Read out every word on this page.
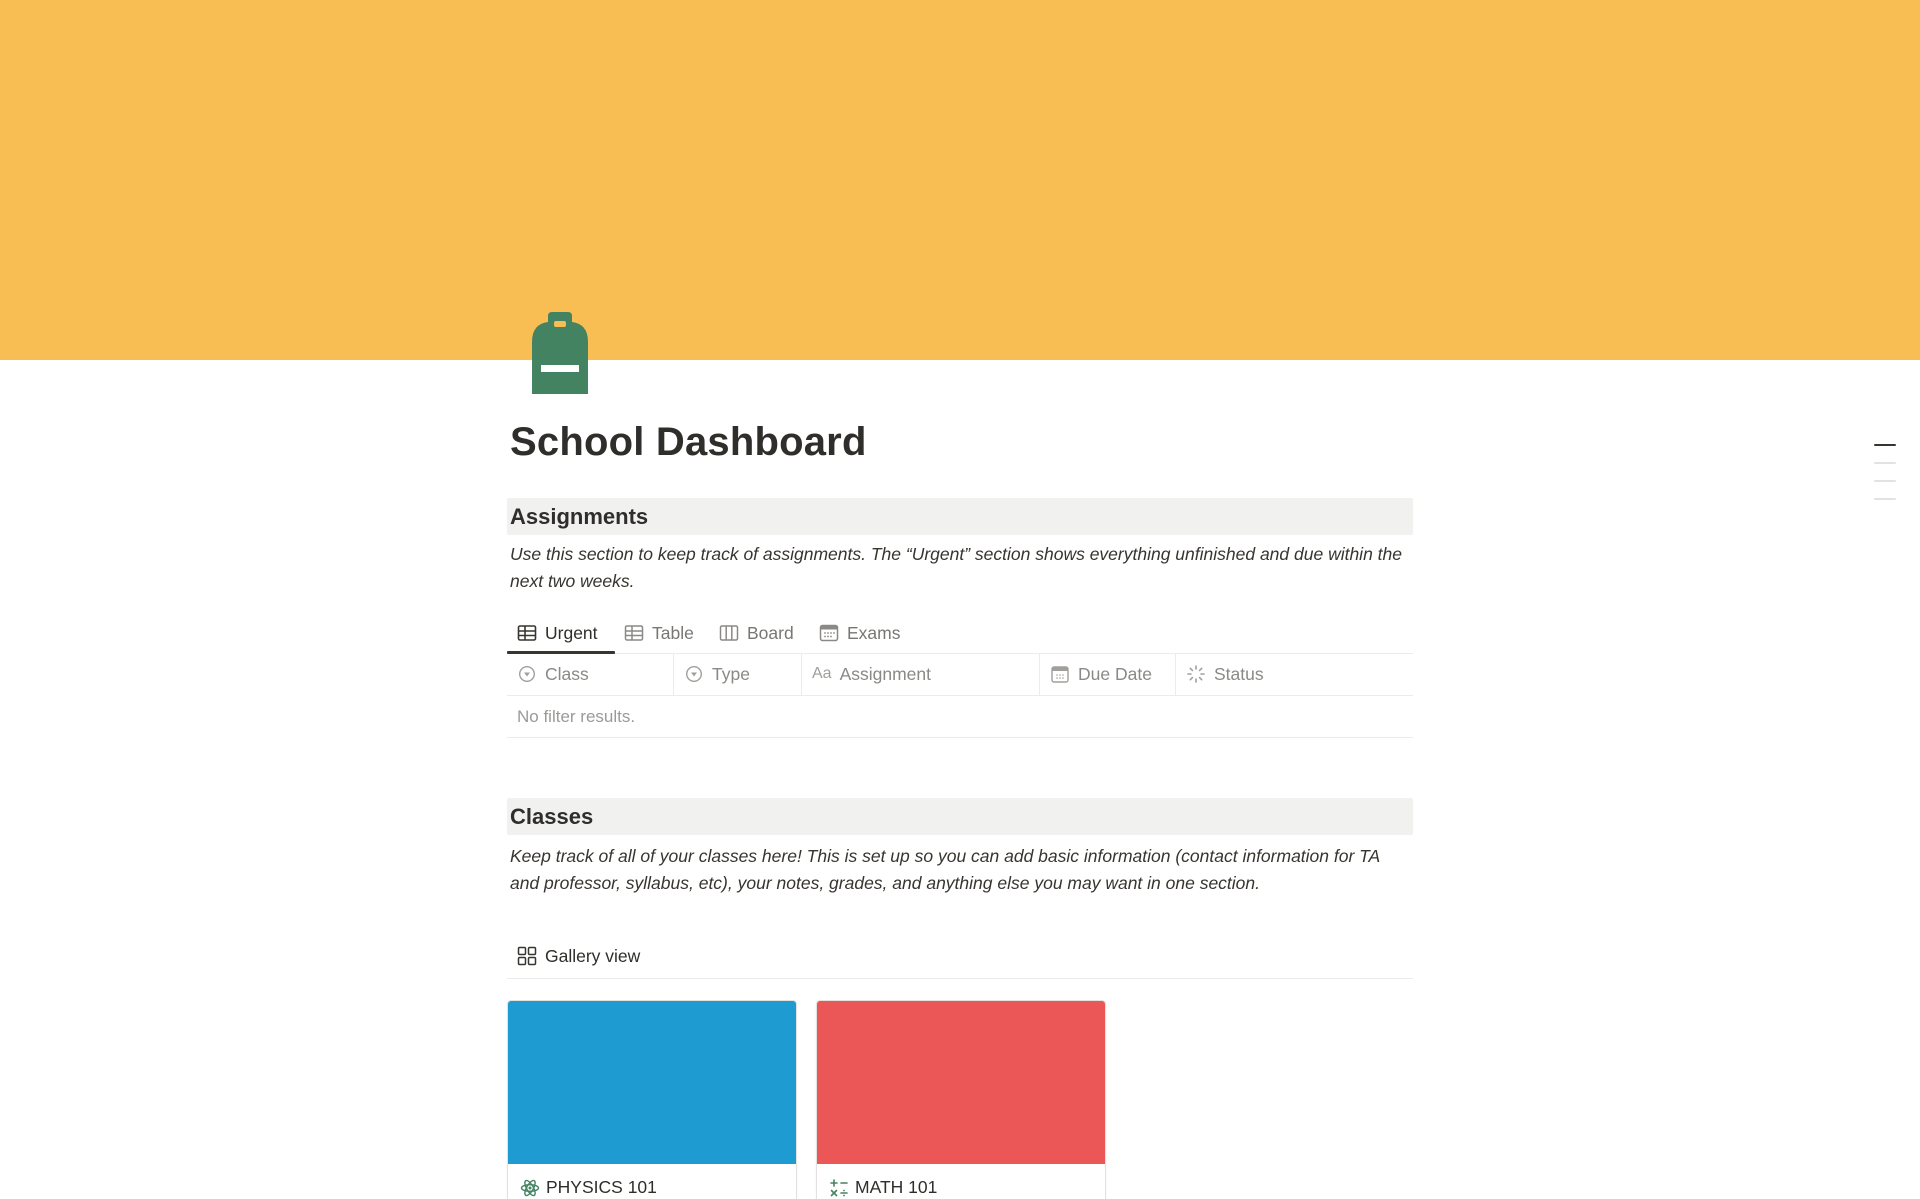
School Dashboard
Assignments

Use this section to keep track of assignments. The “Urgent” section shows everything unfinished and due within the next two weeks.

Urgent	Table	Board	Exams
Class	Type	Aa Assignment	Due Date	Status
No filter results.
Classes

Keep track of all of your classes here! This is set up so you can add basic information (contact information for TA and professor, syllabus, etc), your notes, grades, and anything else you may want in one section.

Gallery view
PHYSICS 101	MATH 101
